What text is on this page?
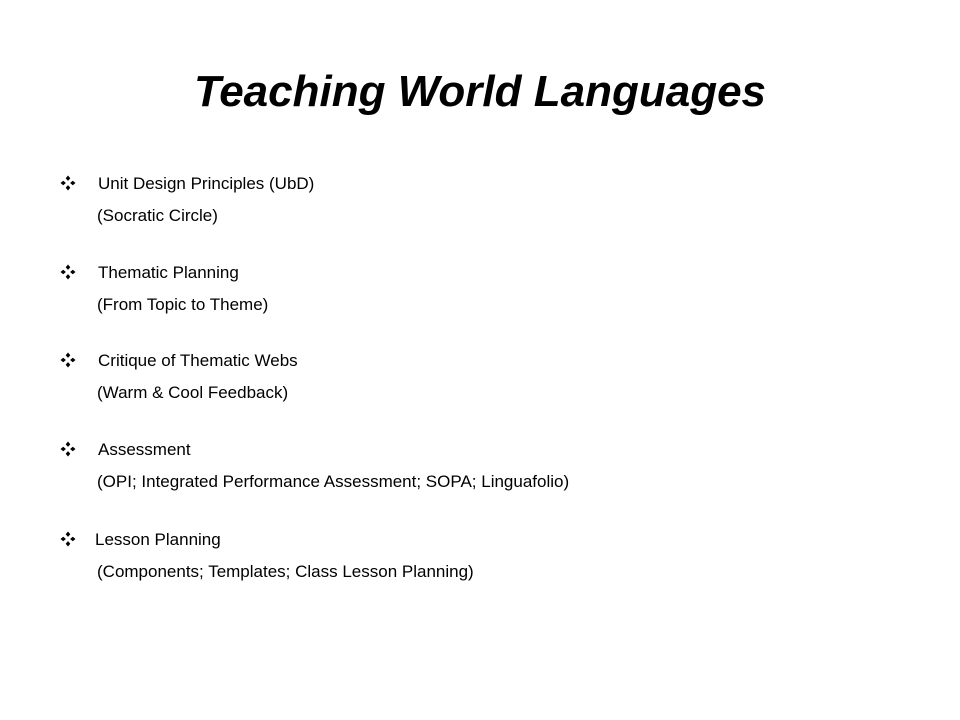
Teaching World Languages
Unit Design Principles (UbD)
(Socratic Circle)
Thematic Planning
(From Topic to Theme)
Critique of Thematic Webs
(Warm & Cool Feedback)
Assessment
(OPI; Integrated Performance Assessment; SOPA; Linguafolio)
Lesson Planning
(Components; Templates; Class Lesson Planning)
